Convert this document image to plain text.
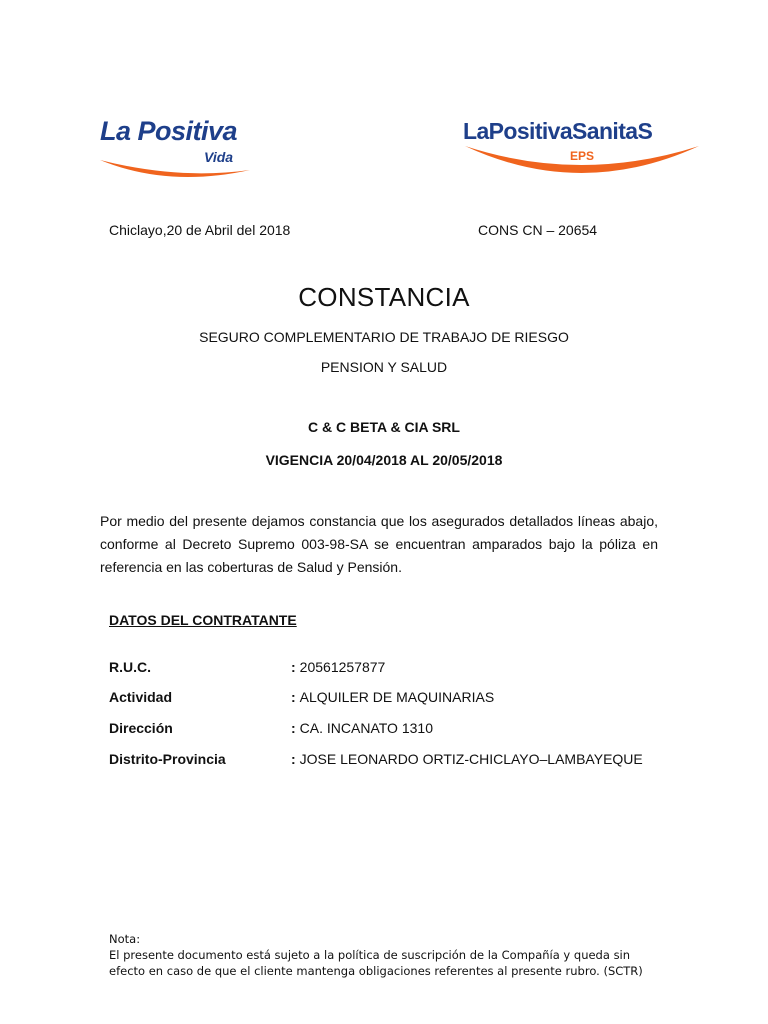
La Positiva
Vida
LaPositivaSanitaS
EPS
Chiclayo,20 de Abril del 2018	CONS CN – 20654
CONSTANCIA
SEGURO COMPLEMENTARIO DE TRABAJO DE RIESGO
PENSION Y SALUD
C & C BETA & CIA SRL
VIGENCIA 20/04/2018 AL 20/05/2018
Por medio del presente dejamos constancia que los asegurados detallados líneas abajo, conforme al Decreto Supremo 003-98-SA se encuentran amparados bajo la póliza en referencia en las coberturas de Salud y Pensión.
DATOS DEL CONTRATANTE
R.U.C.	: 20561257877
Actividad	: ALQUILER DE MAQUINARIAS
Dirección	: CA. INCANATO 1310
Distrito-Provincia	: JOSE LEONARDO ORTIZ-CHICLAYO–LAMBAYEQUE
Nota:
El presente documento está sujeto a la política de suscripción de la Compañía y queda sin
efecto en caso de que el cliente mantenga obligaciones referentes al presente rubro. (SCTR)
